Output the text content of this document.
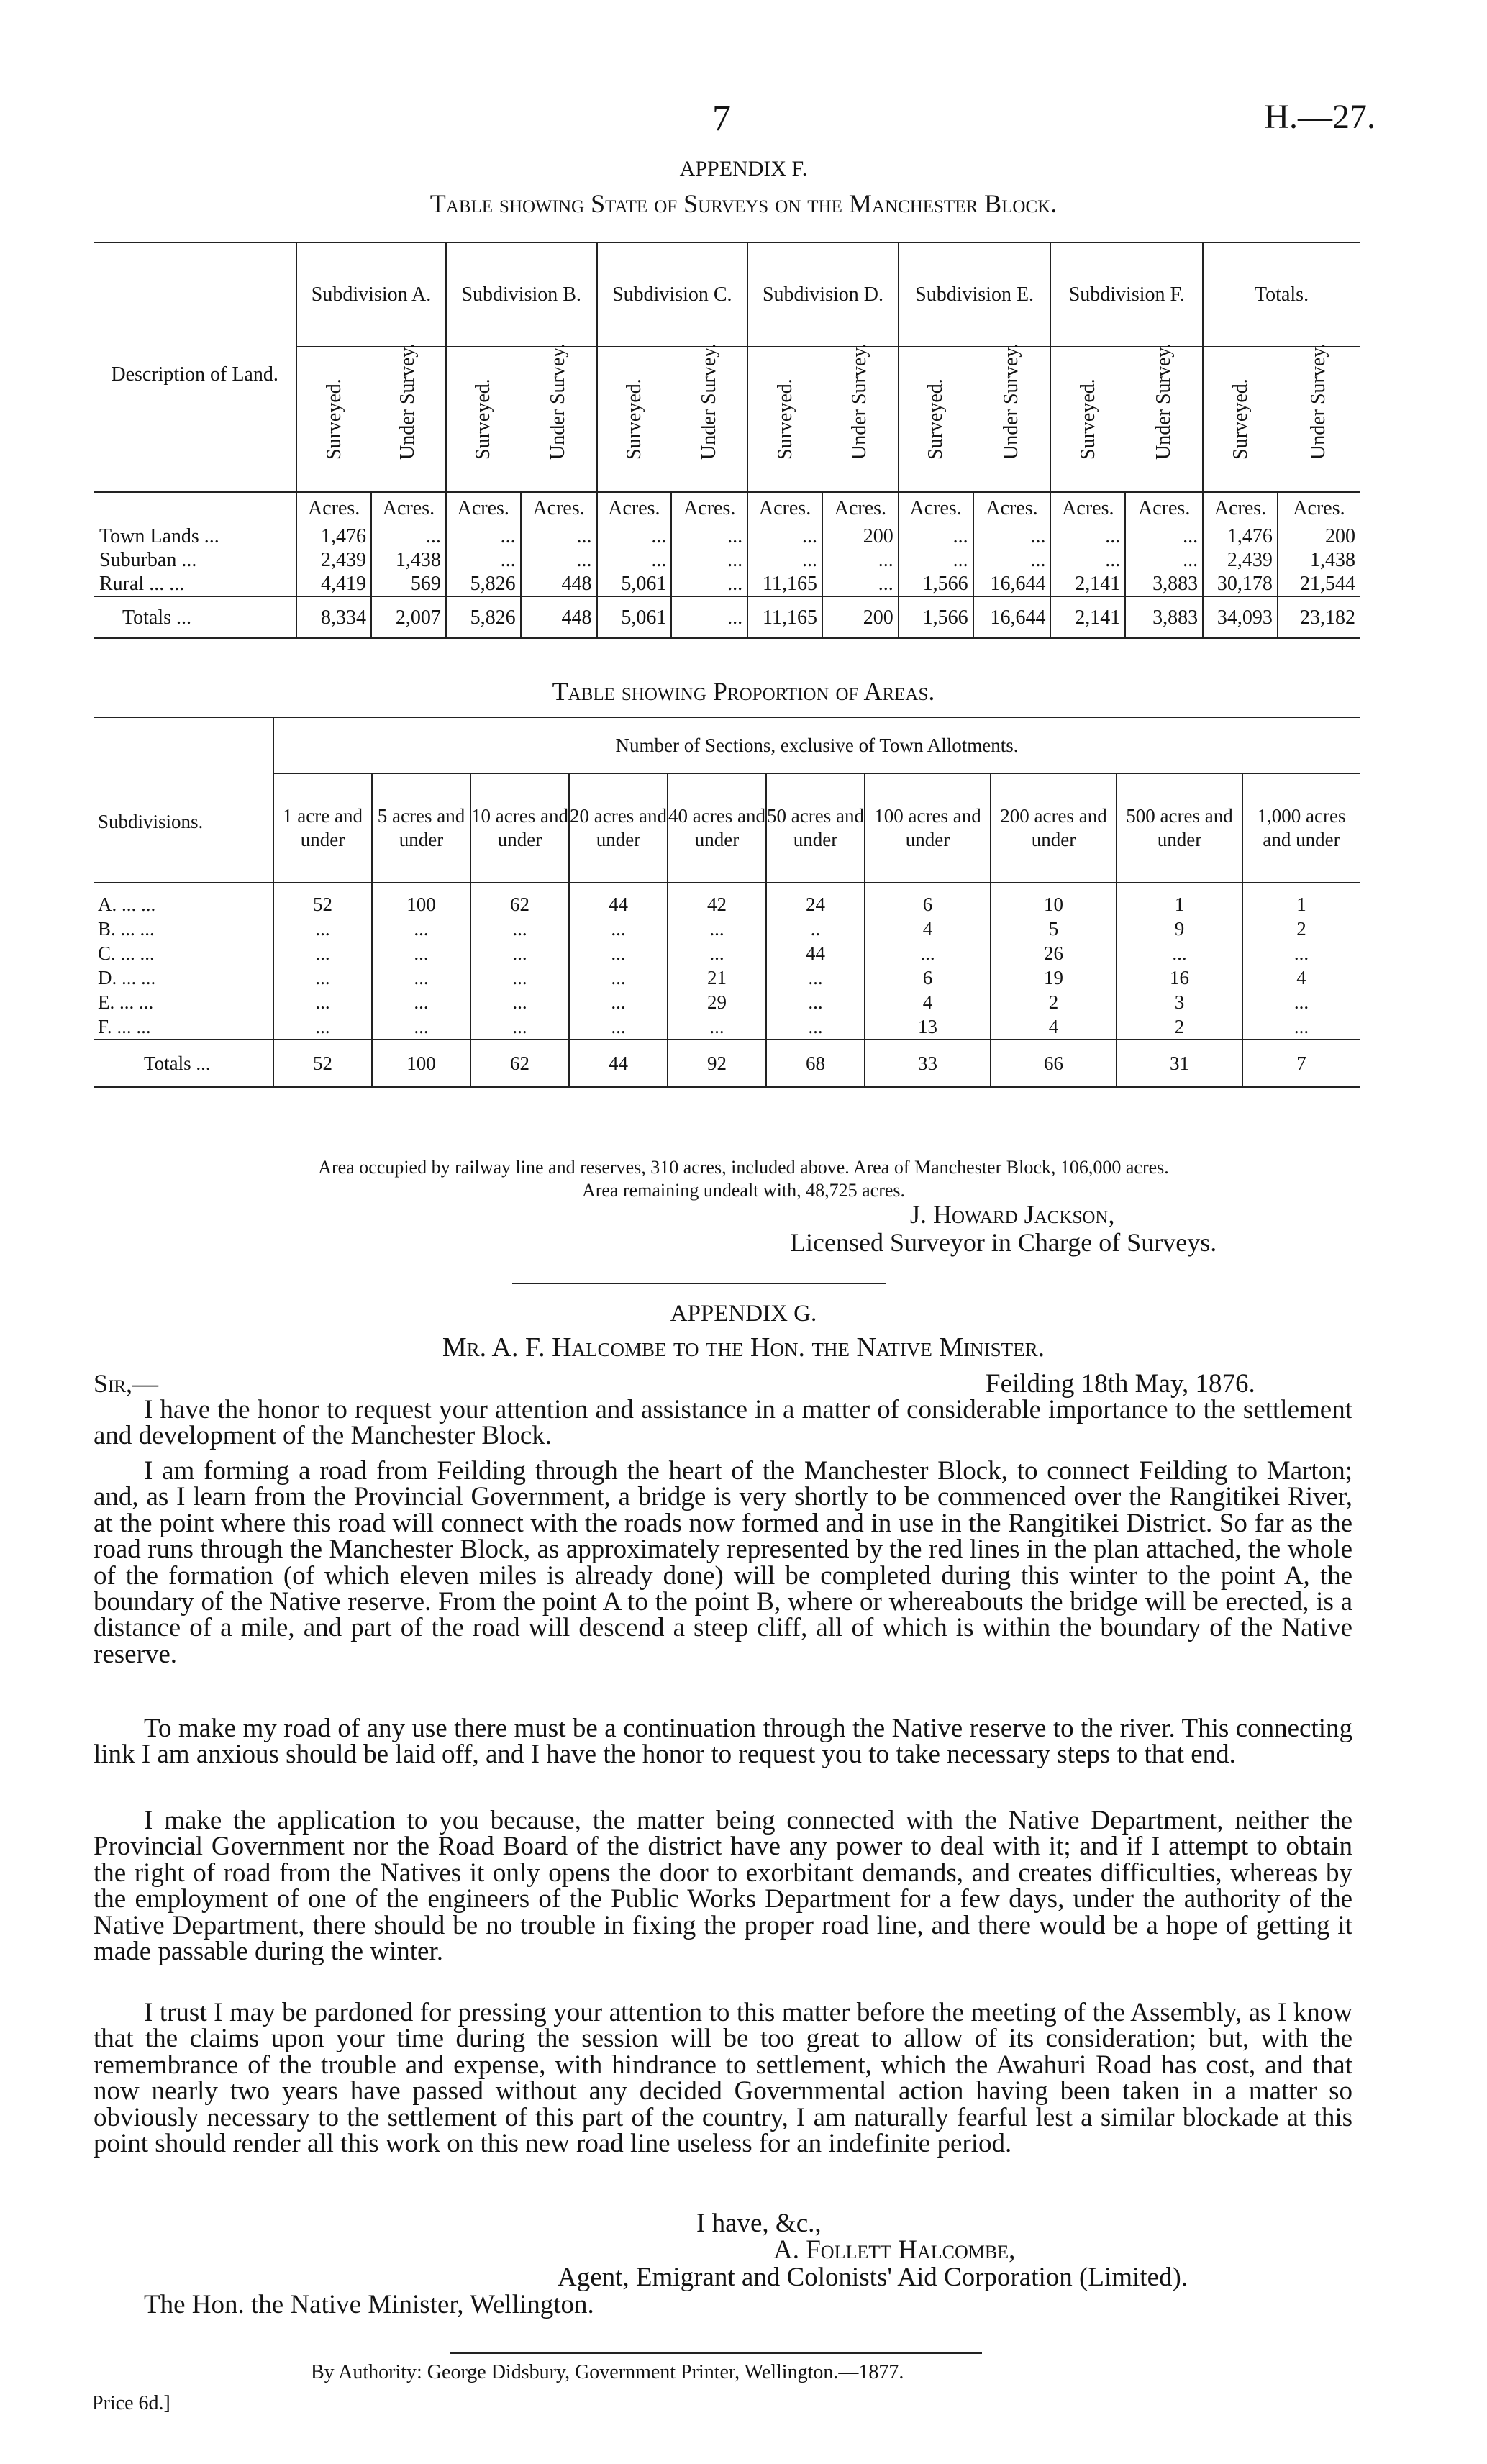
7	H.—27.
APPENDIX F.
Table showing State of Surveys on the Manchester Block.
Description of Land.	Subdivision A.		Subdivision B.		Subdivision C.		Subdivision D.		Subdivision E.		Subdivision F.		Totals.	

	Surveyed.	Under Survey.	Surveyed.	Under Survey.	Surveyed.	Under Survey.	Surveyed.	Under Survey.	Surveyed.	Under Survey.	Surveyed.	Under Survey.	Surveyed.	Under Survey.

	Acres.	Acres.	Acres.	Acres.	Acres.	Acres.	Acres.	Acres.	Acres.	Acres.	Acres.	Acres.	Acres.	Acres.
Town Lands ...	1,476	...	...	...	...	...	...	200	...	...	...	...	1,476	200
Suburban ...	2,439	1,438	...	...	...	...	...	...	...	...	...	...	2,439	1,438
Rural ... ...	4,419	569	5,826	448	5,061	...	11,165	...	1,566	16,644	2,141	3,883	30,178	21,544
Totals ...	8,334	2,007	5,826	448	5,061	...	11,165	200	1,566	16,644	2,141	3,883	34,093	23,182
Table showing Proportion of Areas.
Subdivisions.	Number of Sections, exclusive of Town Allotments.									
	1 acre and under	5 acres and under	10 acres and under	20 acres and under	40 acres and under	50 acres and under	100 acres and under	200 acres and under	500 acres and under	1,000 acres and under
A. ... ...	52	100	62	44	42	24	6	10	1	1
B. ... ...	...	...	...	...	...	..	4	5	9	2
C. ... ...	...	...	...	...	...	44	...	26	...	...
D. ... ...	...	...	...	...	21	...	6	19	16	4
E. ... ...	...	...	...	...	29	...	4	2	3	...
F. ... ...	...	...	...	...	...	...	13	4	2	...
Totals ...	52	100	62	44	92	68	33	66	31	7
Area occupied by railway line and reserves, 310 acres, included above. Area of Manchester Block, 106,000 acres.
Area remaining undealt with, 48,725 acres.
J. Howard Jackson,
Licensed Surveyor in Charge of Surveys.
APPENDIX G.
Mr. A. F. Halcombe to the Hon. the Native Minister.
Sir,—	Feilding 18th May, 1876.
I have the honor to request your attention and assistance in a matter of considerable importance to the settlement and development of the Manchester Block.
I am forming a road from Feilding through the heart of the Manchester Block, to connect Feilding to Marton; and, as I learn from the Provincial Government, a bridge is very shortly to be commenced over the Rangitikei River, at the point where this road will connect with the roads now formed and in use in the Rangitikei District. So far as the road runs through the Manchester Block, as approximately represented by the red lines in the plan attached, the whole of the formation (of which eleven miles is already done) will be completed during this winter to the point A, the boundary of the Native reserve. From the point A to the point B, where or whereabouts the bridge will be erected, is a distance of a mile, and part of the road will descend a steep cliff, all of which is within the boundary of the Native reserve.
To make my road of any use there must be a continuation through the Native reserve to the river. This connecting link I am anxious should be laid off, and I have the honor to request you to take necessary steps to that end.
I make the application to you because, the matter being connected with the Native Department, neither the Provincial Government nor the Road Board of the district have any power to deal with it; and if I attempt to obtain the right of road from the Natives it only opens the door to exorbitant demands, and creates difficulties, whereas by the employment of one of the engineers of the Public Works Department for a few days, under the authority of the Native Department, there should be no trouble in fixing the proper road line, and there would be a hope of getting it made passable during the winter.
I trust I may be pardoned for pressing your attention to this matter before the meeting of the Assembly, as I know that the claims upon your time during the session will be too great to allow of its consideration; but, with the remembrance of the trouble and expense, with hindrance to settlement, which the Awahuri Road has cost, and that now nearly two years have passed without any decided Governmental action having been taken in a matter so obviously necessary to the settlement of this part of the country, I am naturally fearful lest a similar blockade at this point should render all this work on this new road line useless for an indefinite period.
I have, &c.,
A. Follett Halcombe,
Agent, Emigrant and Colonists' Aid Corporation (Limited).
The Hon. the Native Minister, Wellington.
By Authority: George Didsbury, Government Printer, Wellington.—1877.
Price 6d.]
